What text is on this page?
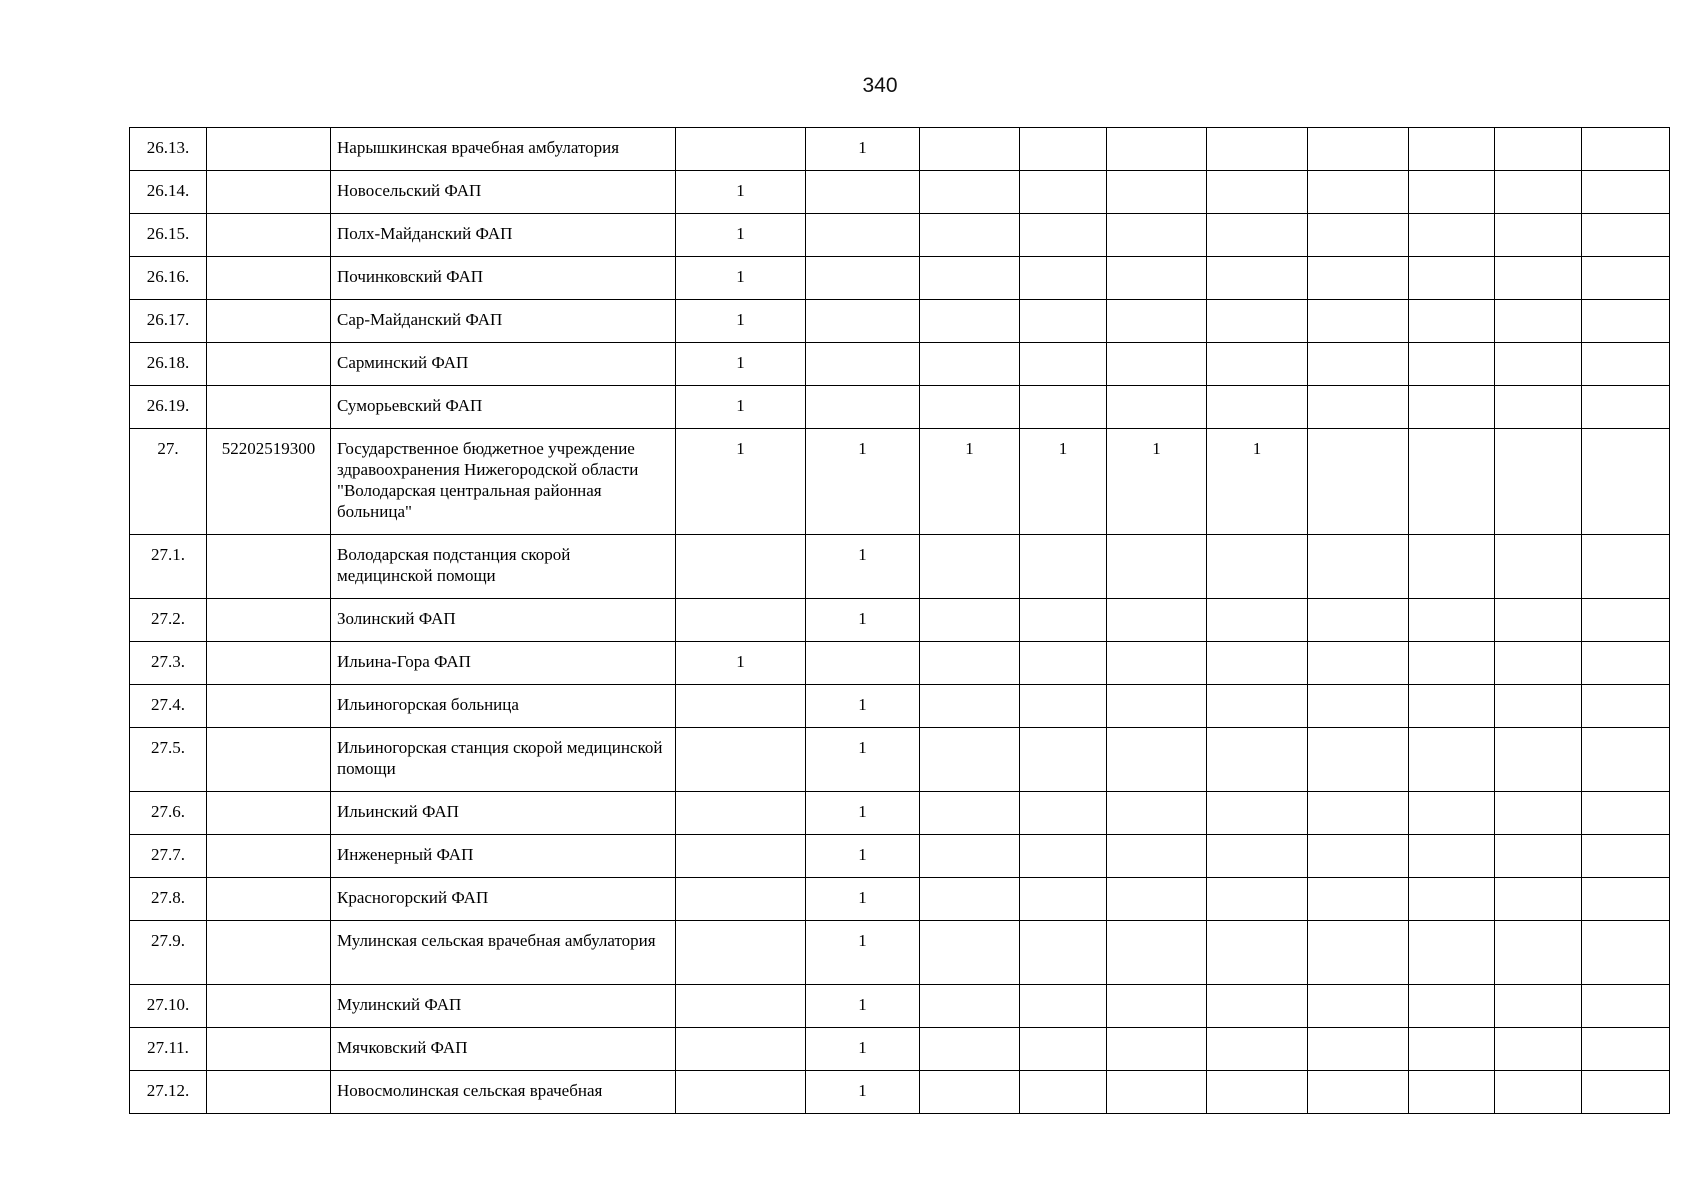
340
26.13.		Нарышкинская врачебная амбулатория		1								
26.14.		Новосельский ФАП	1									
26.15.		Полх-Майданский ФАП	1									
26.16.		Починковский ФАП	1									
26.17.		Сар-Майданский ФАП	1									
26.18.		Сарминский ФАП	1									
26.19.		Суморьевский ФАП	1									
27.	52202519300	Государственное бюджетное учреждение здравоохранения Нижегородской области "Володарская центральная районная больница"	1	1	1	1	1	1				
27.1.		Володарская подстанция скорой медицинской помощи		1								
27.2.		Золинский ФАП		1								
27.3.		Ильина-Гора ФАП	1									
27.4.		Ильиногорская больница		1								
27.5.		Ильиногорская станция скорой медицинской помощи		1								
27.6.		Ильинский ФАП		1								
27.7.		Инженерный ФАП		1								
27.8.		Красногорский ФАП		1								
27.9.		Мулинская сельская врачебная амбулатория		1								
27.10.		Мулинский ФАП		1								
27.11.		Мячковский ФАП		1								
27.12.		Новосмолинская сельская врачебная		1								
